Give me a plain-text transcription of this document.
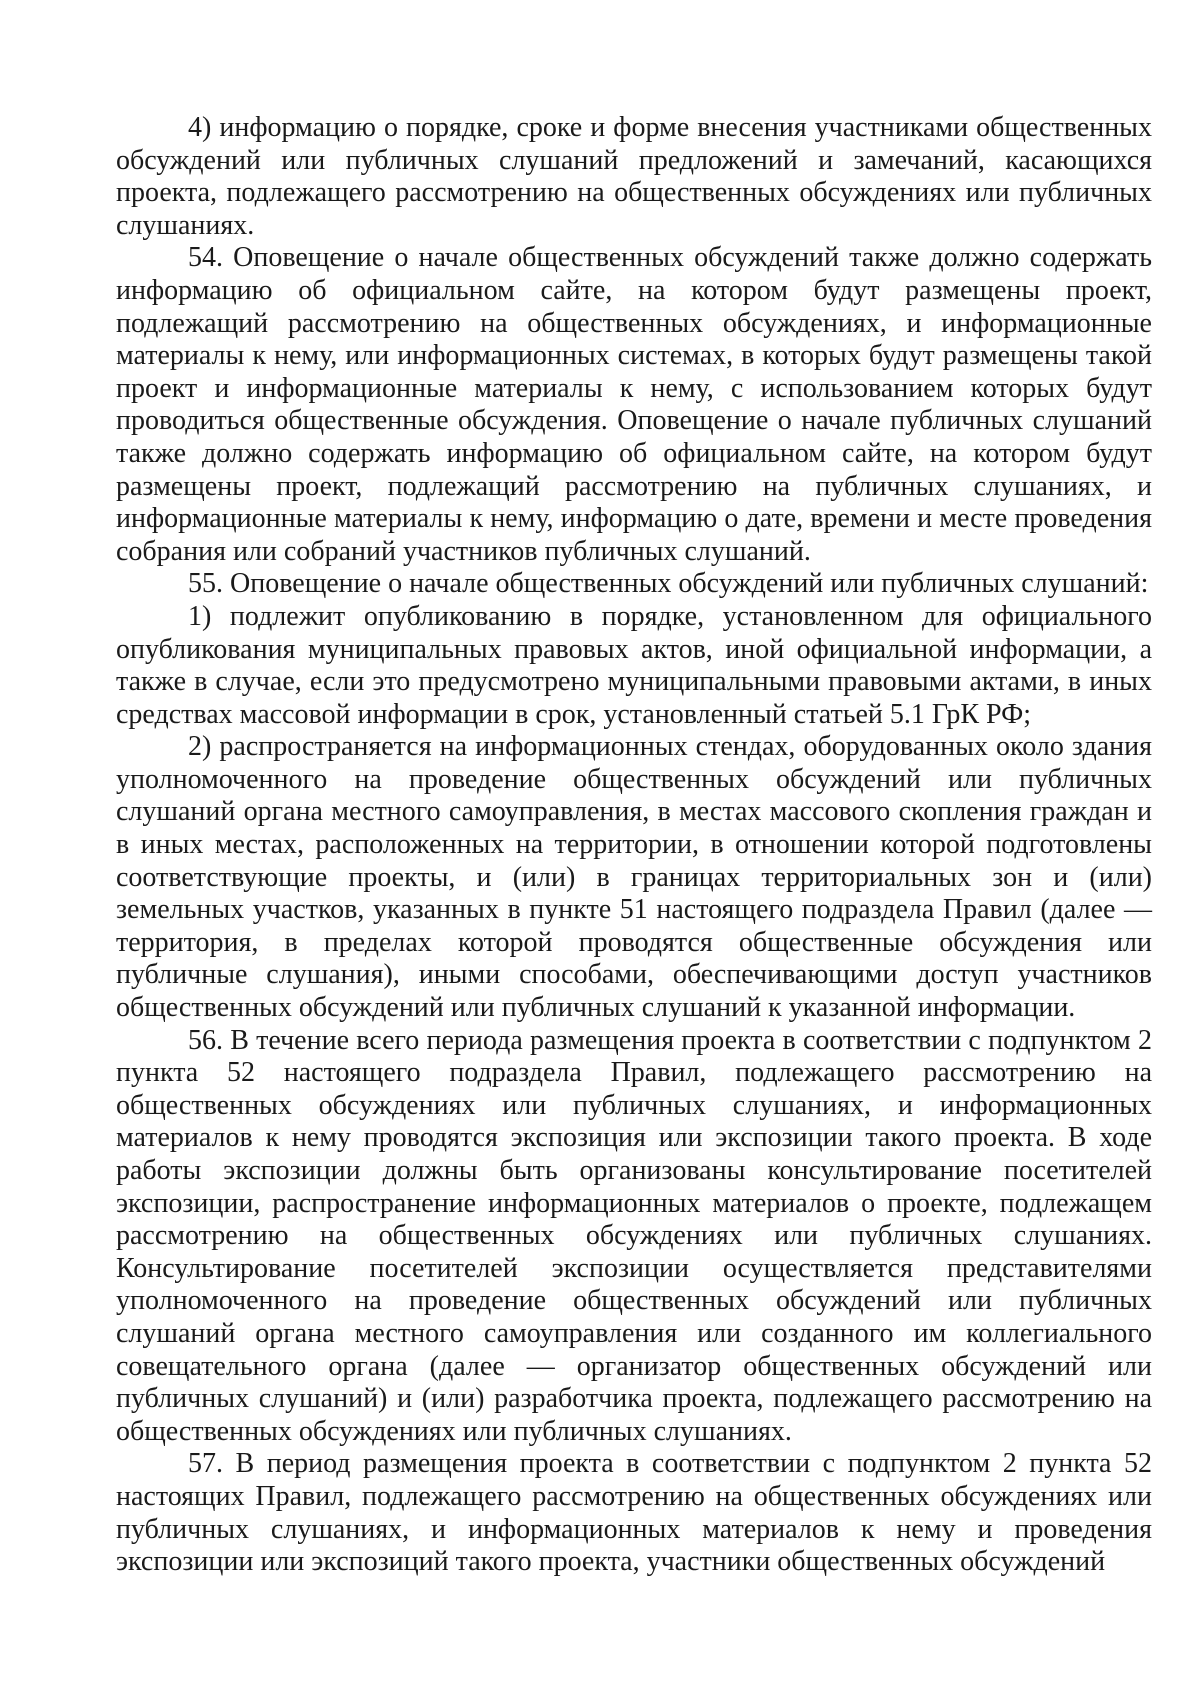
4) информацию о порядке, сроке и форме внесения участниками общественных обсуждений или публичных слушаний предложений и замечаний, касающихся проекта, подлежащего рассмотрению на общественных обсуждениях или публичных слушаниях.

54. Оповещение о начале общественных обсуждений также должно содержать информацию об официальном сайте, на котором будут размещены проект, подлежащий рассмотрению на общественных обсуждениях, и информационные материалы к нему, или информационных системах, в которых будут размещены такой проект и информационные материалы к нему, с использованием которых будут проводиться общественные обсуждения. Оповещение о начале публичных слушаний также должно содержать информацию об официальном сайте, на котором будут размещены проект, подлежащий рассмотрению на публичных слушаниях, и информационные материалы к нему, информацию о дате, времени и месте проведения собрания или собраний участников публичных слушаний.

55. Оповещение о начале общественных обсуждений или публичных слушаний:

1) подлежит опубликованию в порядке, установленном для официального опубликования муниципальных правовых актов, иной официальной информации, а также в случае, если это предусмотрено муниципальными правовыми актами, в иных средствах массовой информации в срок, установленный статьей 5.1 ГрК РФ;

2) распространяется на информационных стендах, оборудованных около здания уполномоченного на проведение общественных обсуждений или публичных слушаний органа местного самоуправления, в местах массового скопления граждан и в иных местах, расположенных на территории, в отношении которой подготовлены соответствующие проекты, и (или) в границах территориальных зон и (или) земельных участков, указанных в пункте 51 настоящего подраздела Правил (далее — территория, в пределах которой проводятся общественные обсуждения или публичные слушания), иными способами, обеспечивающими доступ участников общественных обсуждений или публичных слушаний к указанной информации.

56. В течение всего периода размещения проекта в соответствии с подпунктом 2 пункта 52 настоящего подраздела Правил, подлежащего рассмотрению на общественных обсуждениях или публичных слушаниях, и информационных материалов к нему проводятся экспозиция или экспозиции такого проекта. В ходе работы экспозиции должны быть организованы консультирование посетителей экспозиции, распространение информационных материалов о проекте, подлежащем рассмотрению на общественных обсуждениях или публичных слушаниях. Консультирование посетителей экспозиции осуществляется представителями уполномоченного на проведение общественных обсуждений или публичных слушаний органа местного самоуправления или созданного им коллегиального совещательного органа (далее — организатор общественных обсуждений или публичных слушаний) и (или) разработчика проекта, подлежащего рассмотрению на общественных обсуждениях или публичных слушаниях.

57. В период размещения проекта в соответствии с подпунктом 2 пункта 52 настоящих Правил, подлежащего рассмотрению на общественных обсуждениях или публичных слушаниях, и информационных материалов к нему и проведения экспозиции или экспозиций такого проекта, участники общественных обсуждений
